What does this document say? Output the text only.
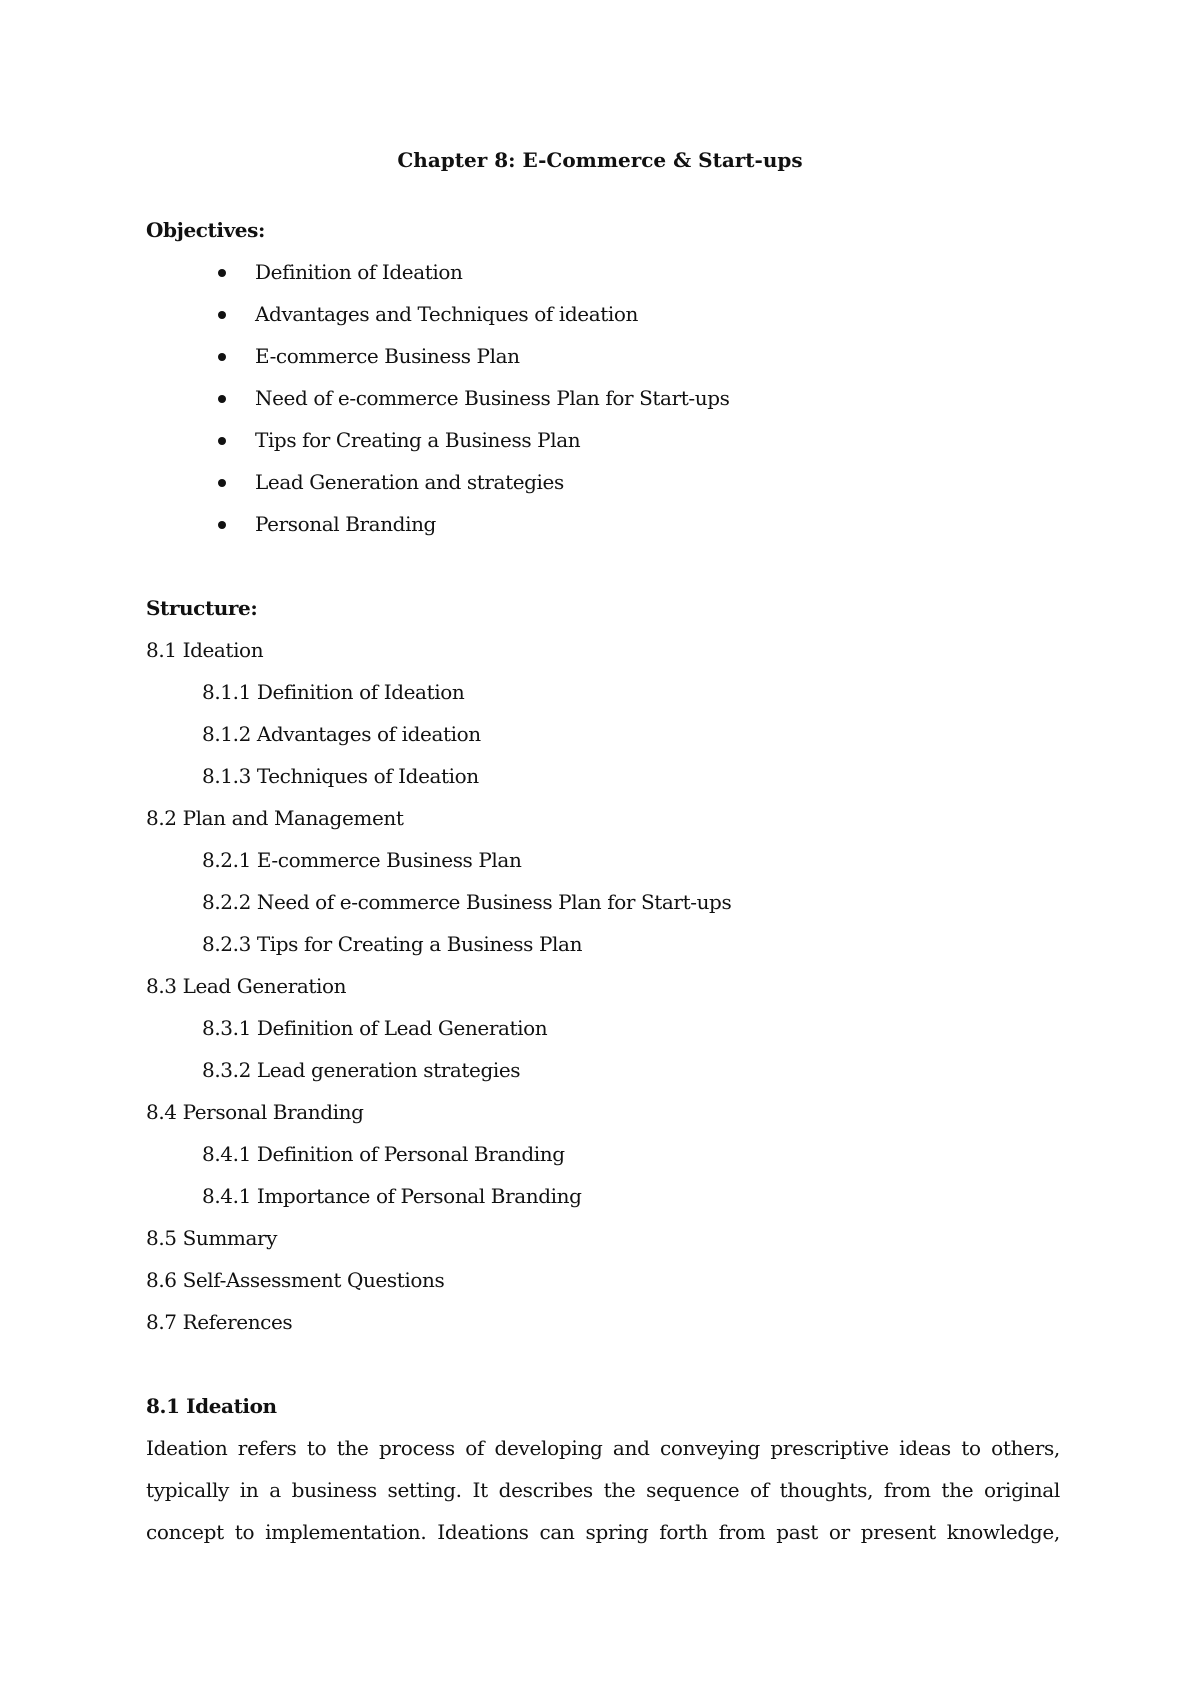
Chapter 8: E-Commerce & Start-ups
Objectives:
Definition of Ideation
Advantages and Techniques of ideation
E-commerce Business Plan
Need of e-commerce Business Plan for Start-ups
Tips for Creating a Business Plan
Lead Generation and strategies
Personal Branding
Structure:
8.1 Ideation
8.1.1 Definition of Ideation
8.1.2 Advantages of ideation
8.1.3 Techniques of Ideation
8.2 Plan and Management
8.2.1 E-commerce Business Plan
8.2.2 Need of e-commerce Business Plan for Start-ups
8.2.3 Tips for Creating a Business Plan
8.3 Lead Generation
8.3.1 Definition of Lead Generation
8.3.2 Lead generation strategies
8.4 Personal Branding
8.4.1 Definition of Personal Branding
8.4.1 Importance of Personal Branding
8.5 Summary
8.6 Self-Assessment Questions
8.7 References
8.1 Ideation
Ideation refers to the process of developing and conveying prescriptive ideas to others,
typically in a business setting. It describes the sequence of thoughts, from the original
concept to implementation. Ideations can spring forth from past or present knowledge,
